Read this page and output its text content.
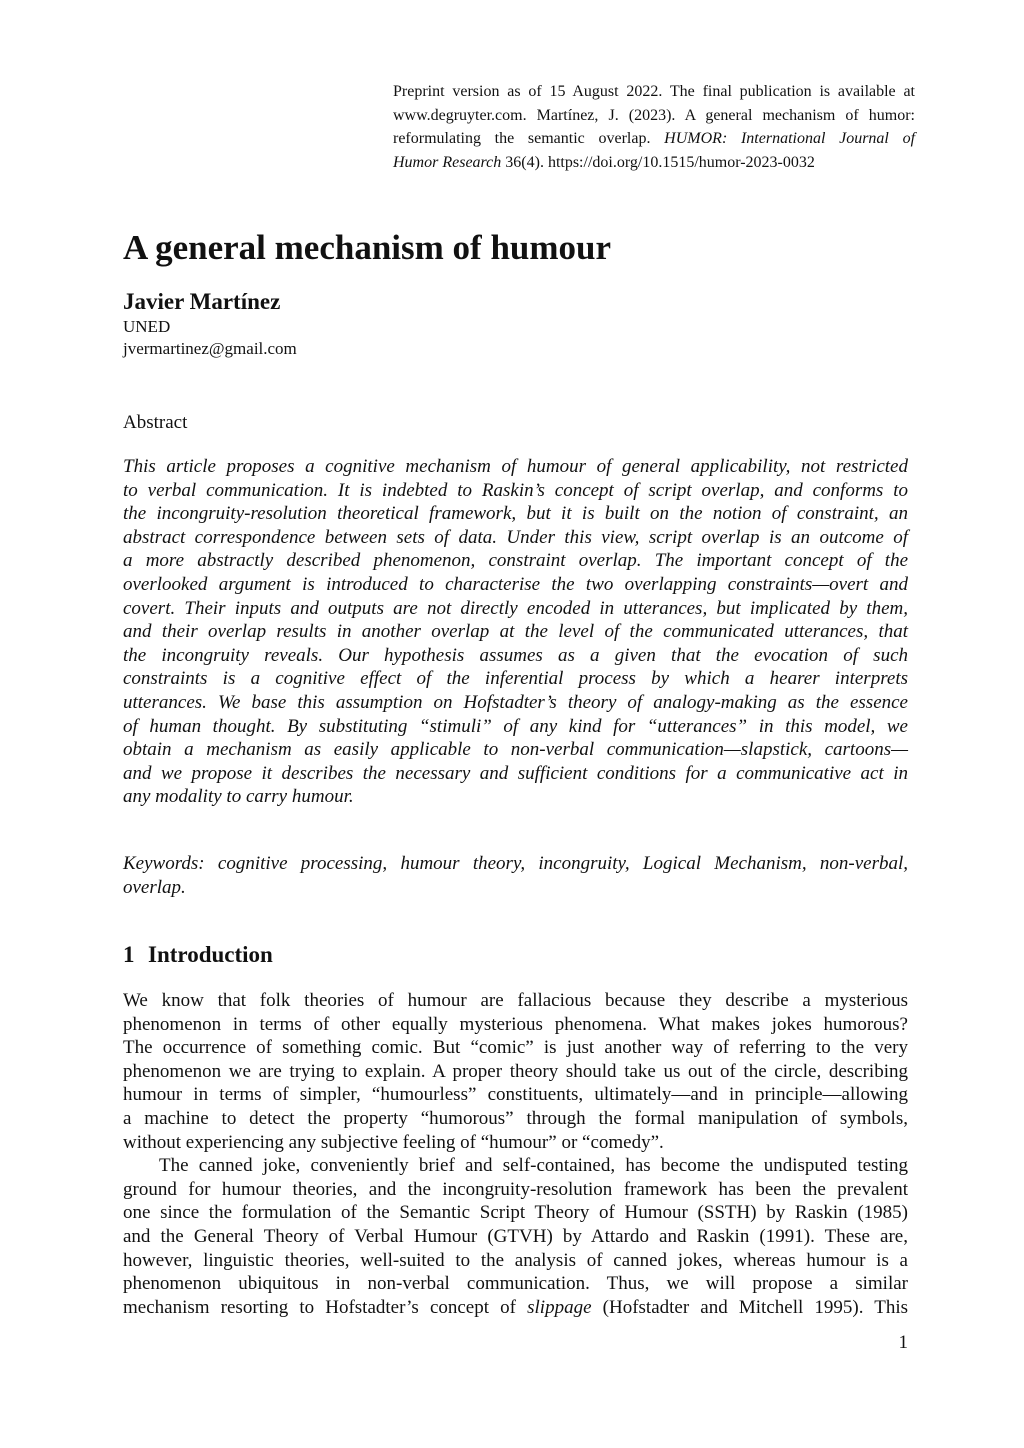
Preprint version as of 15 August 2022. The final publication is available at
www.degruyter.com. Martínez, J. (2023). A general mechanism of humor:
reformulating the semantic overlap. HUMOR: International Journal of
Humor Research 36(4). https://doi.org/10.1515/humor-2023-0032
A general mechanism of humour
Javier Martínez
UNED
jvermartinez@gmail.com
Abstract
This article proposes a cognitive mechanism of humour of general applicability, not restricted
to verbal communication. It is indebted to Raskin’s concept of script overlap, and conforms to
the incongruity-resolution theoretical framework, but it is built on the notion of constraint, an
abstract correspondence between sets of data. Under this view, script overlap is an outcome of
a more abstractly described phenomenon, constraint overlap. The important concept of the
overlooked argument is introduced to characterise the two overlapping constraints—overt and
covert. Their inputs and outputs are not directly encoded in utterances, but implicated by them,
and their overlap results in another overlap at the level of the communicated utterances, that
the incongruity reveals. Our hypothesis assumes as a given that the evocation of such
constraints is a cognitive effect of the inferential process by which a hearer interprets
utterances. We base this assumption on Hofstadter’s theory of analogy-making as the essence
of human thought. By substituting “stimuli” of any kind for “utterances” in this model, we
obtain a mechanism as easily applicable to non-verbal communication—slapstick, cartoons—
and we propose it describes the necessary and sufficient conditions for a communicative act in
any modality to carry humour.
Keywords: cognitive processing, humour theory, incongruity, Logical Mechanism, non-verbal,
overlap.
1 Introduction
We know that folk theories of humour are fallacious because they describe a mysterious
phenomenon in terms of other equally mysterious phenomena. What makes jokes humorous?
The occurrence of something comic. But “comic” is just another way of referring to the very
phenomenon we are trying to explain. A proper theory should take us out of the circle, describing
humour in terms of simpler, “humourless” constituents, ultimately—and in principle—allowing
a machine to detect the property “humorous” through the formal manipulation of symbols,
without experiencing any subjective feeling of “humour” or “comedy”.
The canned joke, conveniently brief and self-contained, has become the undisputed testing
ground for humour theories, and the incongruity-resolution framework has been the prevalent
one since the formulation of the Semantic Script Theory of Humour (SSTH) by Raskin (1985)
and the General Theory of Verbal Humour (GTVH) by Attardo and Raskin (1991). These are,
however, linguistic theories, well-suited to the analysis of canned jokes, whereas humour is a
phenomenon ubiquitous in non-verbal communication. Thus, we will propose a similar
mechanism resorting to Hofstadter’s concept of slippage (Hofstadter and Mitchell 1995). This
1
